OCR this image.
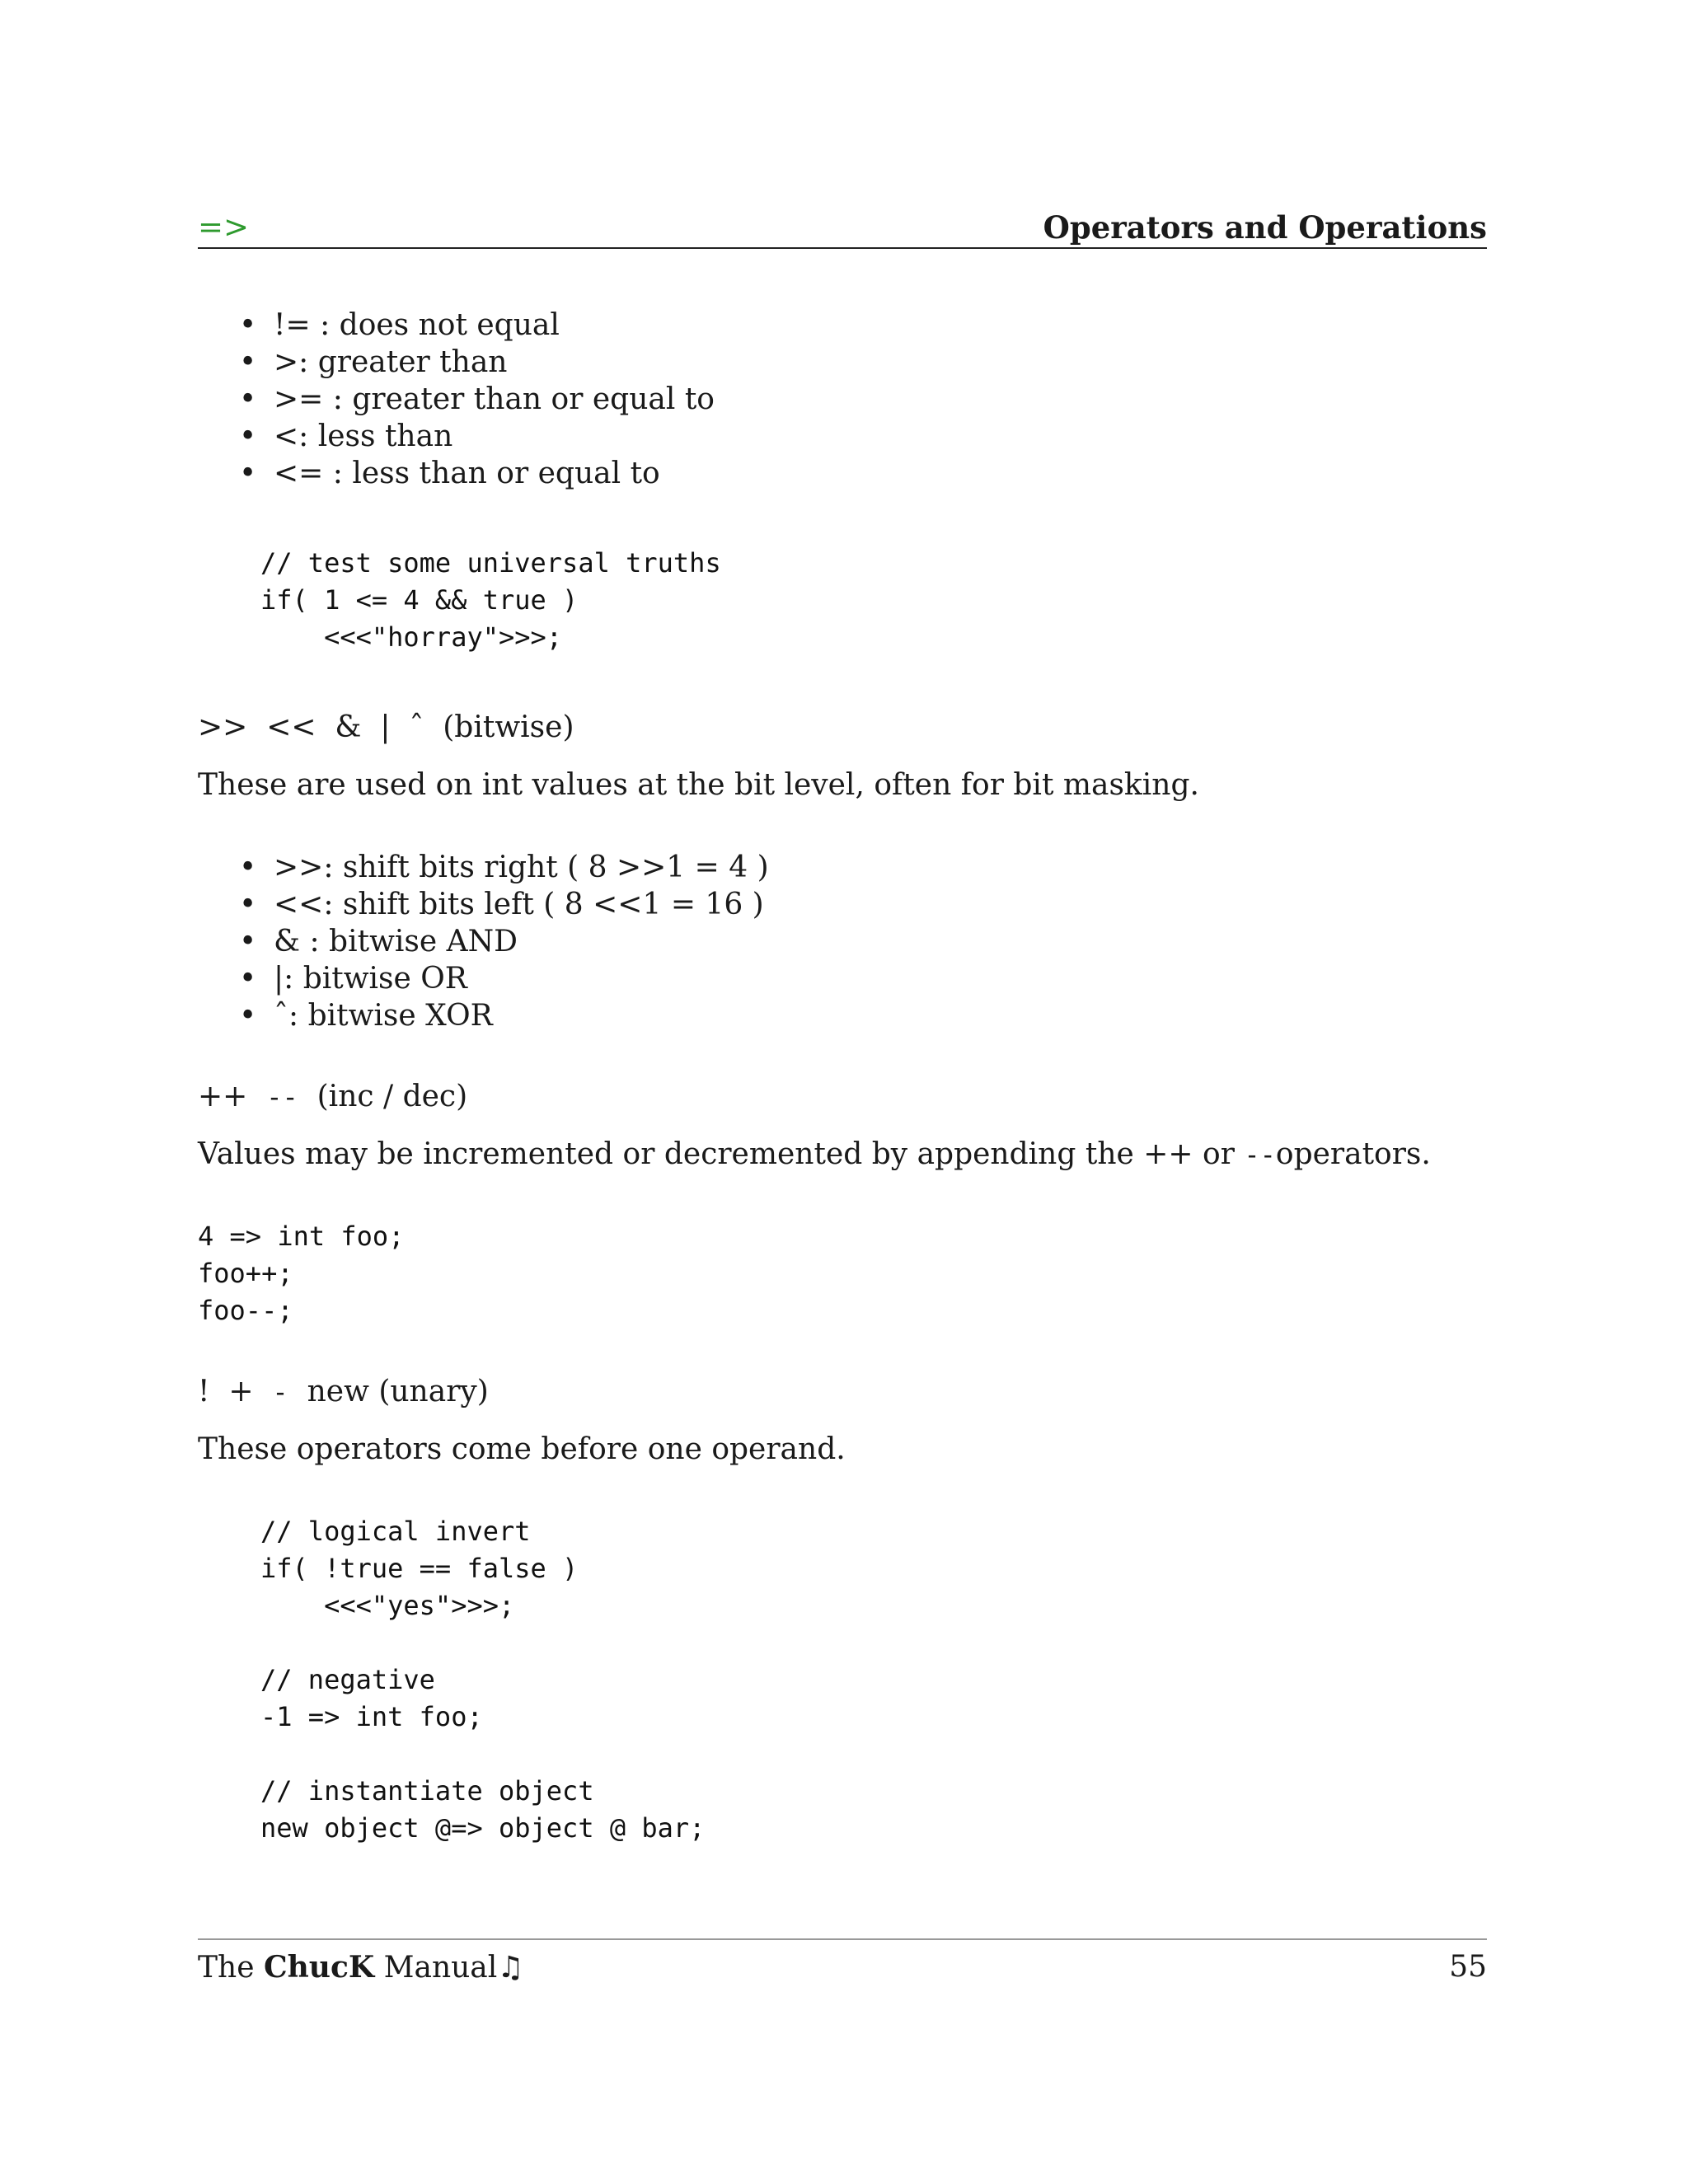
=>	Operators and Operations
• != : does not equal
• >: greater than
• >= : greater than or equal to
• <: less than
• <= : less than or equal to
// test some universal truths
if( 1 <= 4 && true )
<<<"horray">>>;
>>  <<  &  |  ˆ  (bitwise)
These are used on int values at the bit level, often for bit masking.
• >>: shift bits right ( 8 >>1 = 4 )
• <<: shift bits left ( 8 <<1 = 16 )
• & : bitwise AND
• |: bitwise OR
• ˆ: bitwise XOR
++ -- (inc / dec)
Values may be incremented or decremented by appending the ++ or --operators.
4 => int foo;
foo++;
foo--;
!  + - new (unary)
These operators come before one operand.
// logical invert
if( !true == false )
<<<"yes">>>;
// negative
-1 => int foo;
// instantiate object
new object @=> object @ bar;
The ChucK Manual♫	55
